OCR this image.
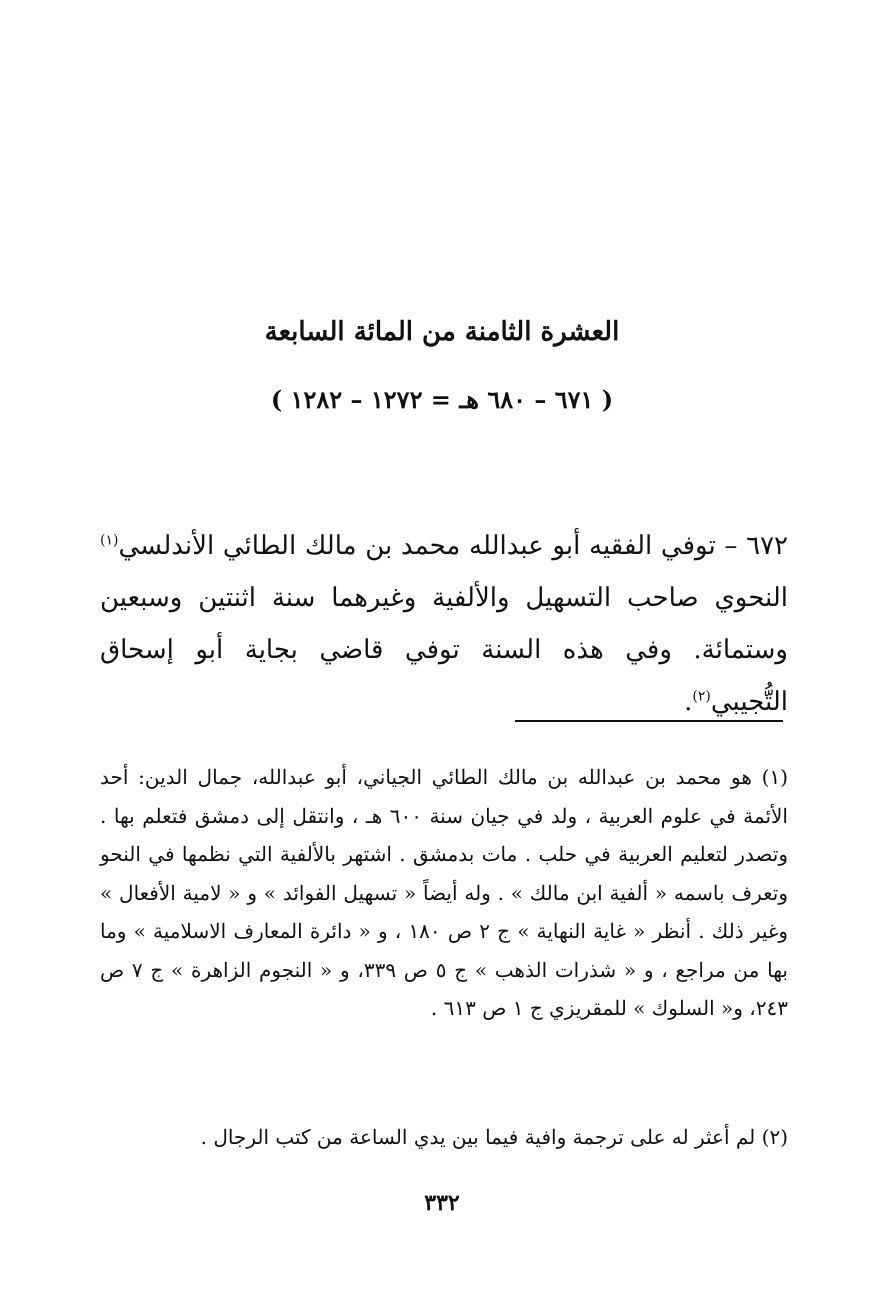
العشرة الثامنة من المائة السابعة
( ٦٧١ – ٦٨٠ هـ = ١٢٧٢ – ١٢٨٢ )

٦٧٢ – توفي الفقيه أبو عبدالله محمد بن مالك الطائي الأندلسي$^{(١)}$ النحوي صاحب التسهيل والألفية وغيرهما سنة اثنتين وسبعين وستمائة. وفي هذه السنة توفي قاضي بجاية أبو إسحاق التُّجيبي$^{(٢)}$.

(١) هو محمد بن عبدالله بن مالك الطائي الجياني، أبو عبدالله، جمال الدين: أحد الأئمة في علوم العربية ، ولد في جيان سنة ٦٠٠ هـ ، وانتقل إلى دمشق فتعلم بها . وتصدر لتعليم العربية في حلب . مات بدمشق . اشتهر بالألفية التي نظمها في النحو وتعرف باسمه « ألفية ابن مالك » . وله أيضاً « تسهيل الفوائد » و « لامية الأفعال » وغير ذلك . أنظر « غاية النهاية » ج ٢ ص ١٨٠ ، و « دائرة المعارف الاسلامية » وما بها من مراجع ، و « شذرات الذهب » ج ٥ ص ٣٣٩، و « النجوم الزاهرة » ج ٧ ص ٢٤٣، و« السلوك » للمقريزي ج ١ ص ٦١٣ .

(٢) لم أعثر له على ترجمة وافية فيما بين يدي الساعة من كتب الرجال .

٣٣٢
